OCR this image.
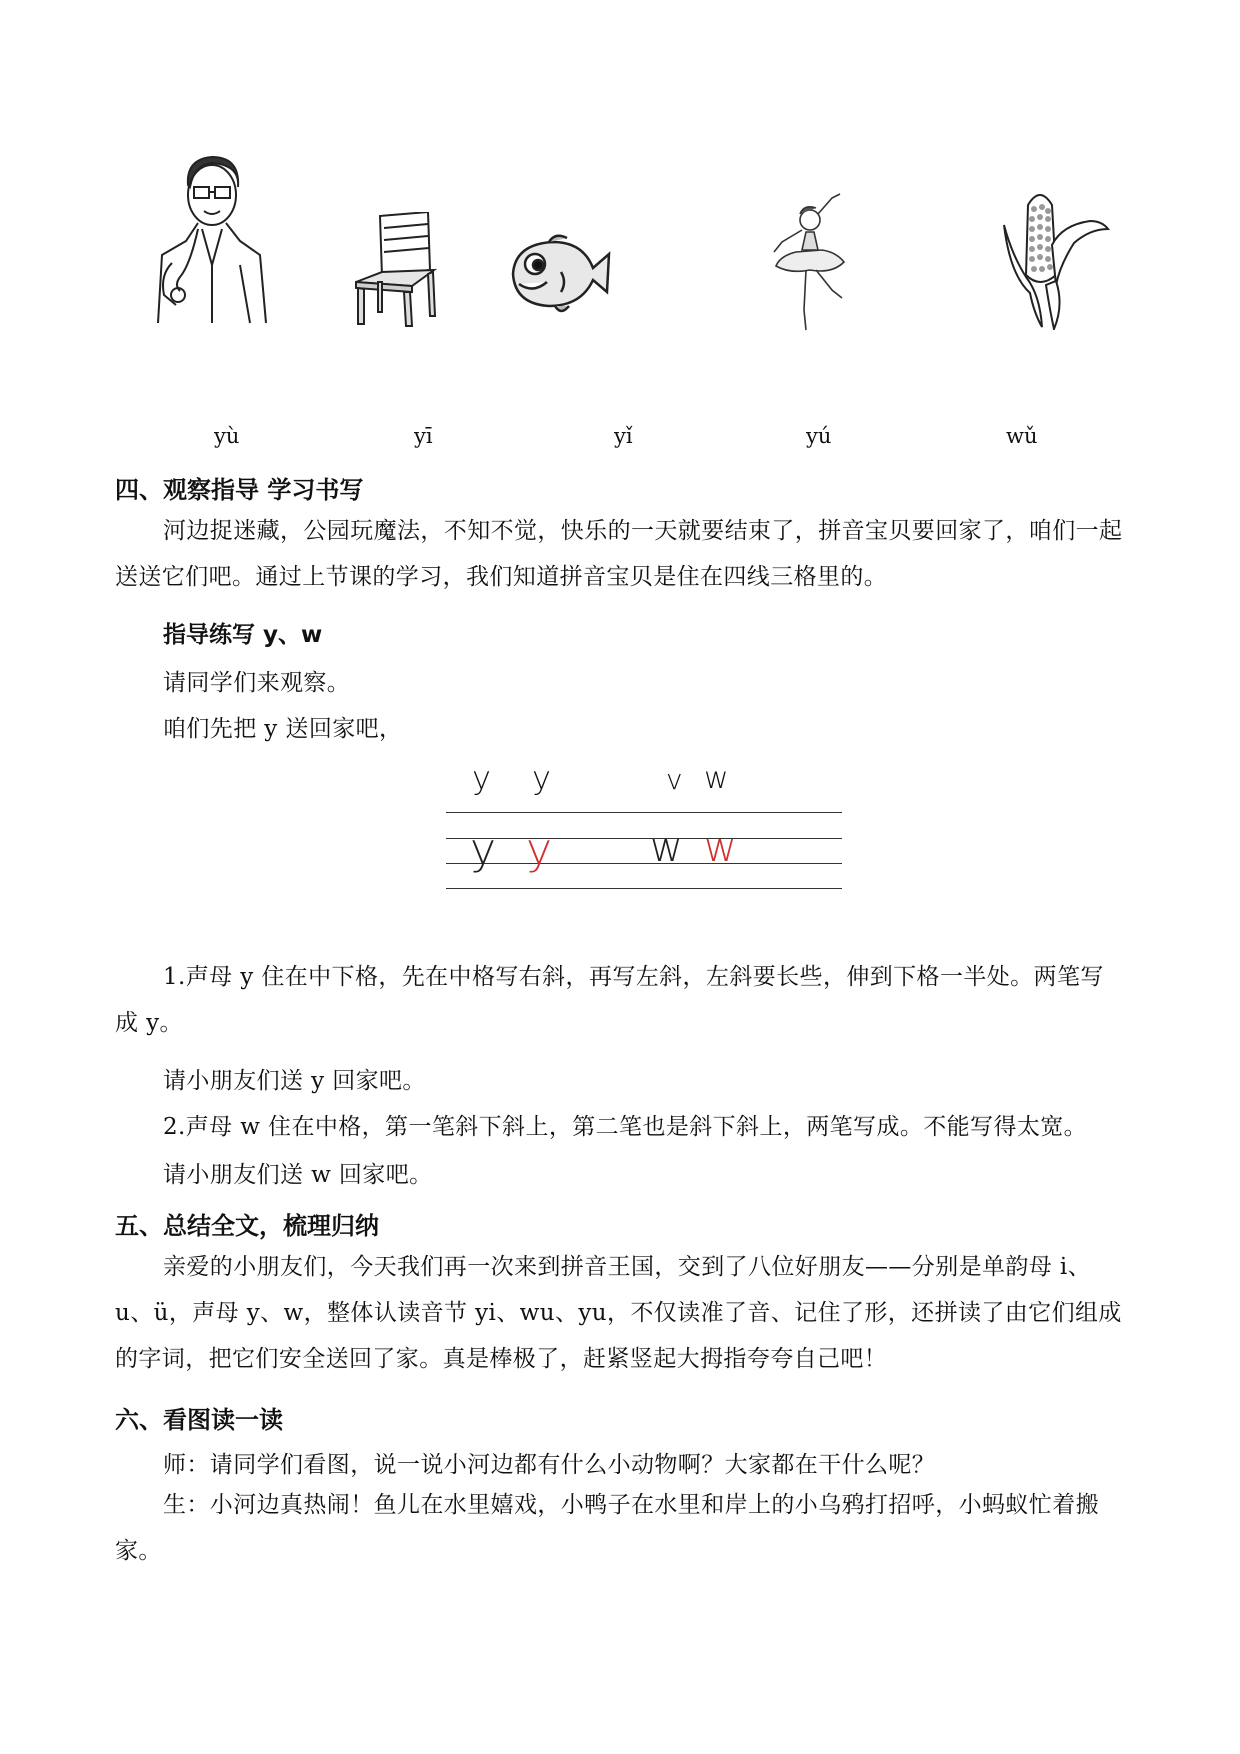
yù	yī	yǐ	yú	wǔ
四、观察指导 学习书写
河边捉迷藏，公园玩魔法，不知不觉，快乐的一天就要结束了，拼音宝贝要回家了，咱们一起送送它们吧。通过上节课的学习，我们知道拼音宝贝是住在四线三格里的。
指导练写 y、w
请同学们来观察。
咱们先把 y 送回家吧，
y y	v w
y y w w
1.声母 y 住在中下格，先在中格写右斜，再写左斜，左斜要长些，伸到下格一半处。两笔写成 y。
请小朋友们送 y 回家吧。
2.声母 w 住在中格，第一笔斜下斜上，第二笔也是斜下斜上，两笔写成。不能写得太宽。
请小朋友们送 w 回家吧。
五、总结全文，梳理归纳
亲爱的小朋友们，今天我们再一次来到拼音王国，交到了八位好朋友——分别是单韵母 i、u、ü，声母 y、w，整体认读音节 yi、wu、yu，不仅读准了音、记住了形，还拼读了由它们组成的字词，把它们安全送回了家。真是棒极了，赶紧竖起大拇指夸夸自己吧！
六、看图读一读
师：请同学们看图，说一说小河边都有什么小动物啊？大家都在干什么呢？
生：小河边真热闹！鱼儿在水里嬉戏，小鸭子在水里和岸上的小乌鸦打招呼，小蚂蚁忙着搬家。
